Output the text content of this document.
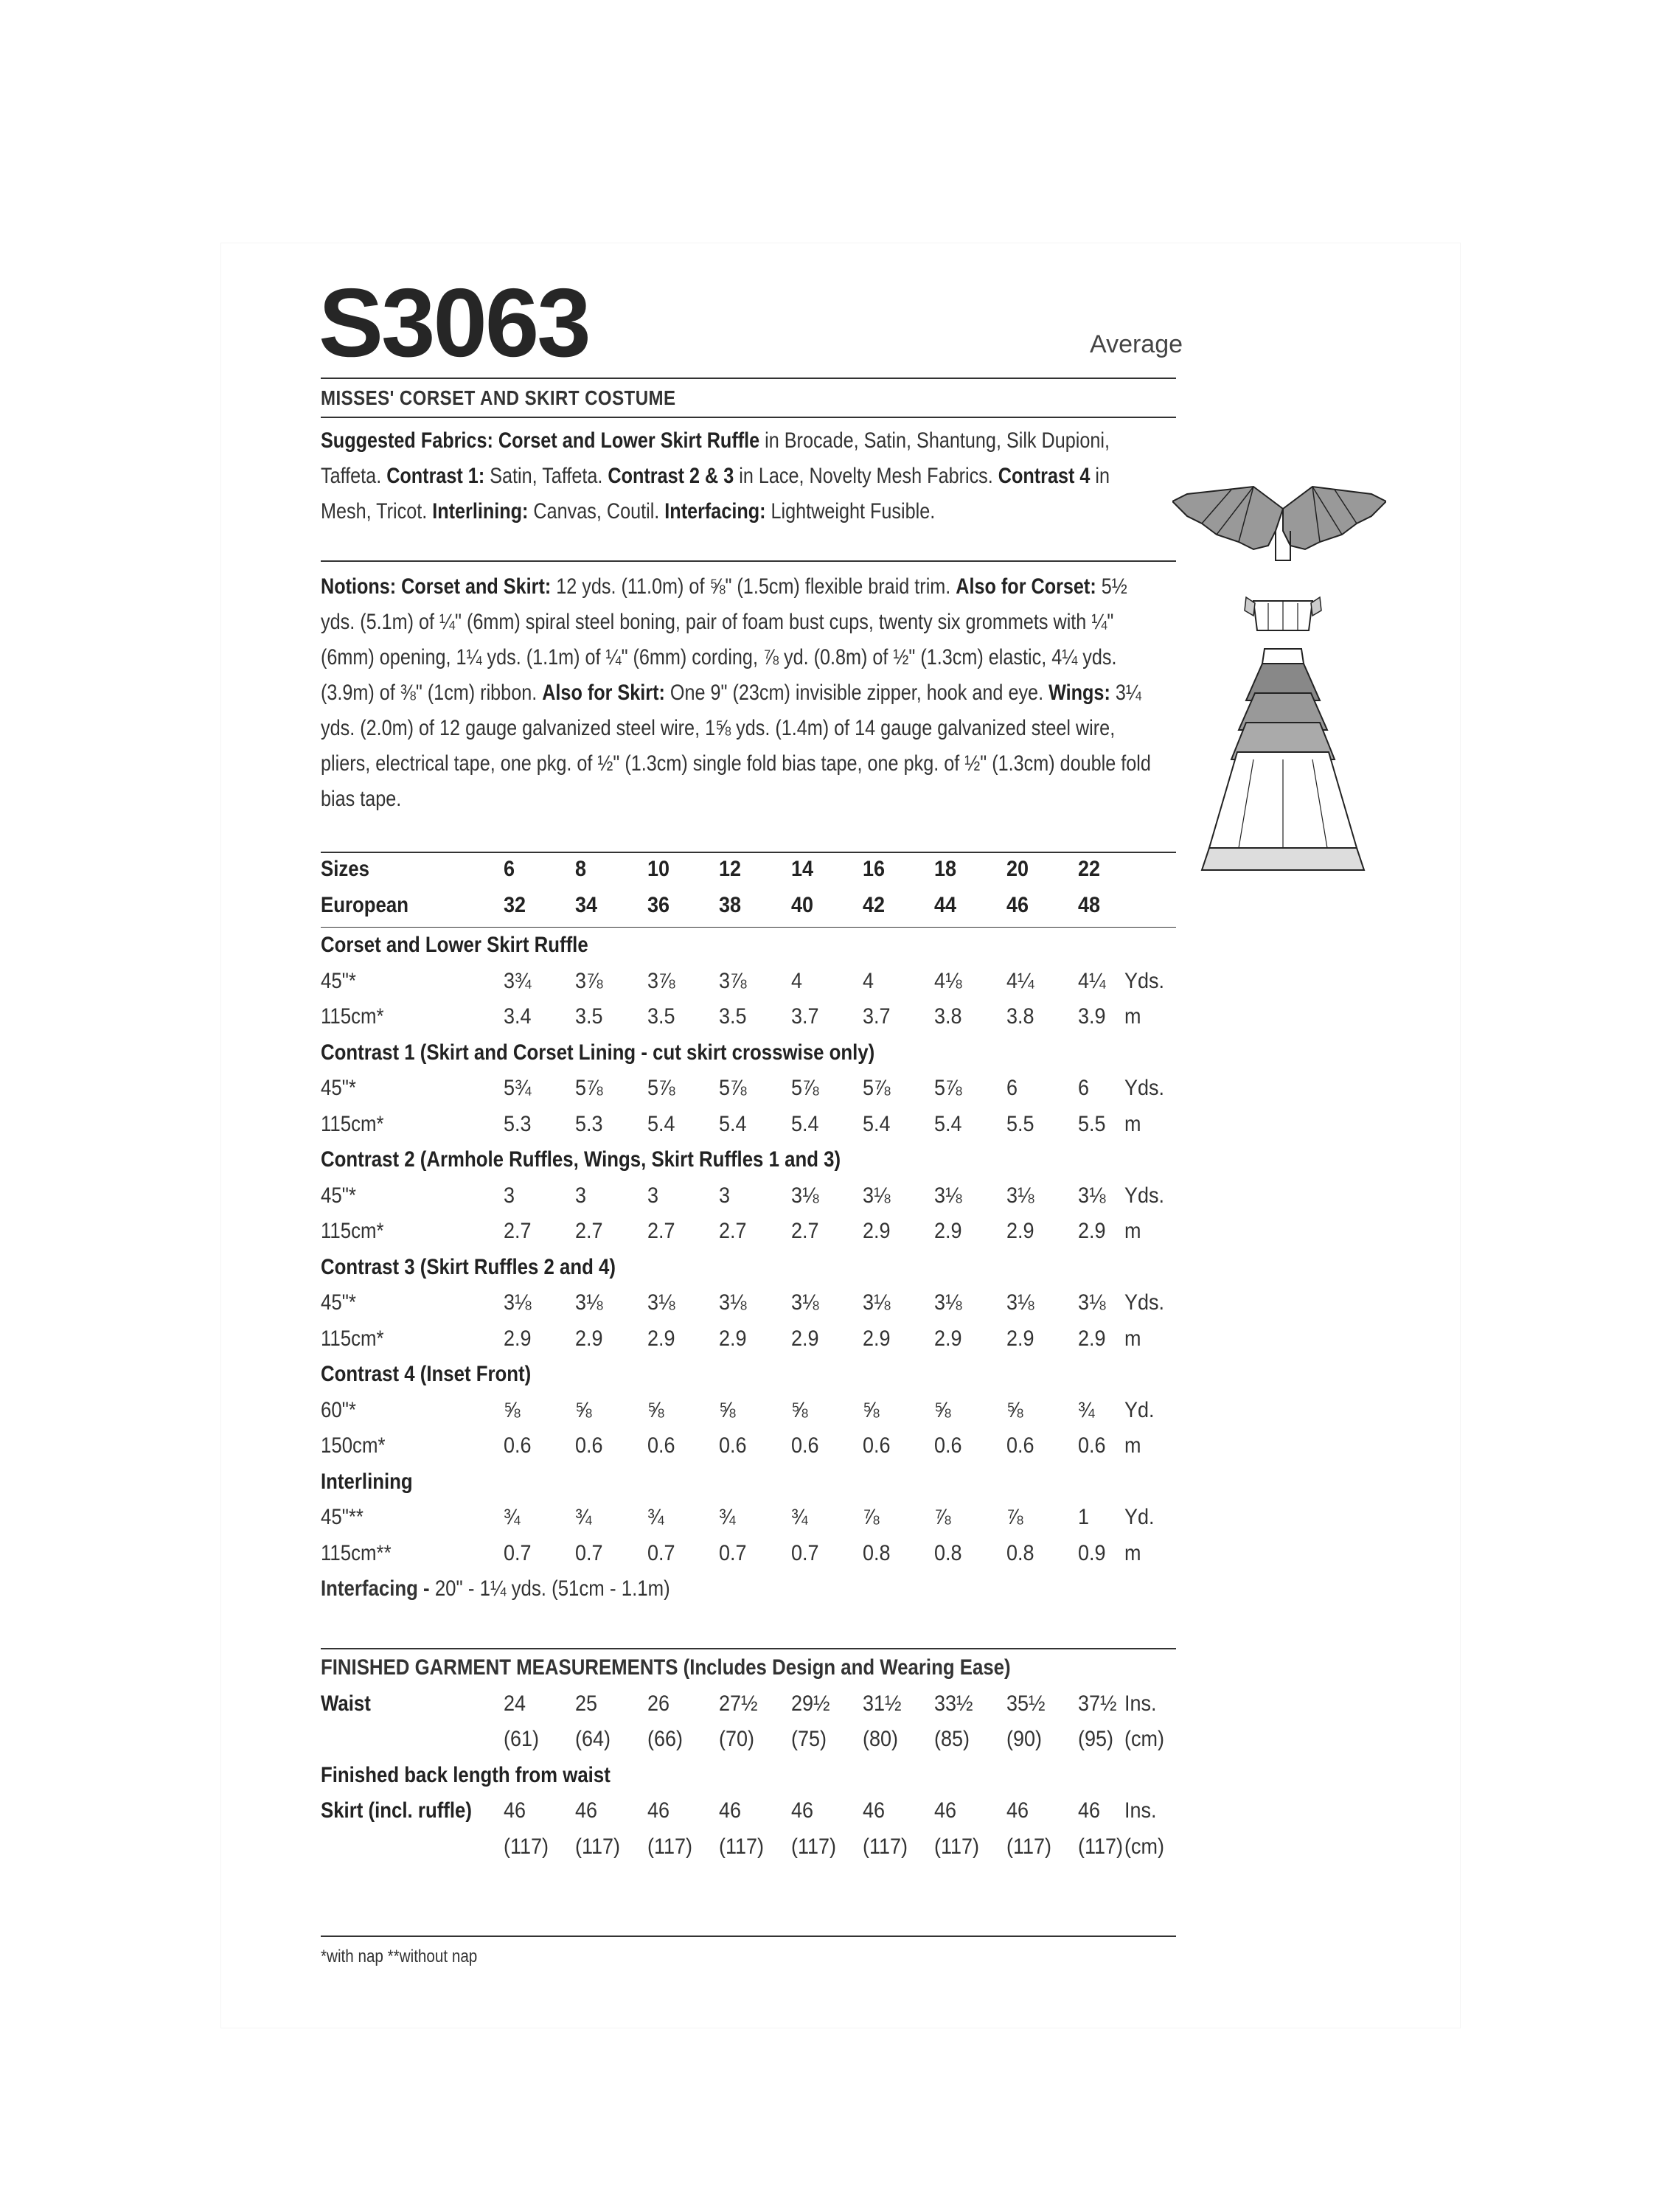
S3063	Average
MISSES' CORSET AND SKIRT COSTUME
Suggested Fabrics: Corset and Lower Skirt Ruffle in Brocade, Satin, Shantung, Silk Dupioni, Taffeta. Contrast 1: Satin, Taffeta. Contrast 2 & 3 in Lace, Novelty Mesh Fabrics. Contrast 4 in Mesh, Tricot. Interlining: Canvas, Coutil. Interfacing: Lightweight Fusible.
Notions: Corset and Skirt: 12 yds. (11.0m) of ⅝" (1.5cm) flexible braid trim. Also for Corset: 5½ yds. (5.1m) of ¼" (6mm) spiral steel boning, pair of foam bust cups, twenty six grommets with ¼" (6mm) opening, 1¼ yds. (1.1m) of ¼" (6mm) cording, ⅞ yd. (0.8m) of ½" (1.3cm) elastic, 4¼ yds. (3.9m) of ⅜" (1cm) ribbon. Also for Skirt: One 9" (23cm) invisible zipper, hook and eye. Wings: 3¼ yds. (2.0m) of 12 gauge galvanized steel wire, 1⅝ yds. (1.4m) of 14 gauge galvanized steel wire, pliers, electrical tape, one pkg. of ½" (1.3cm) single fold bias tape, one pkg. of ½" (1.3cm) double fold bias tape.
Sizes	6	8	10 12 14 16 18 20 22
European	32 34 36 38 40 42 44 46 48
Corset and Lower Skirt Ruffle
45"*	3¾ 3⅞ 3⅞ 3⅞ 4	4	4⅛ 4¼ 4¼ Yds.
115cm*	3.4 3.5 3.5 3.5 3.7 3.7 3.8 3.8 3.9 m
Contrast 1 (Skirt and Corset Lining - cut skirt crosswise only)
45"*	5¾ 5⅞ 5⅞ 5⅞ 5⅞ 5⅞ 5⅞ 6	6 Yds.
115cm*	5.3 5.3 5.4 5.4 5.4 5.4 5.4 5.5 5.5 m
Contrast 2 (Armhole Ruffles, Wings, Skirt Ruffles 1 and 3)
45"*	3	3	3	3	3⅛ 3⅛ 3⅛ 3⅛ 3⅛ Yds.
115cm*	2.7 2.7 2.7 2.7 2.7 2.9 2.9 2.9 2.9 m
Contrast 3 (Skirt Ruffles 2 and 4)
45"*	3⅛ 3⅛ 3⅛ 3⅛ 3⅛ 3⅛ 3⅛ 3⅛ 3⅛ Yds.
115cm*	2.9 2.9 2.9 2.9 2.9 2.9 2.9 2.9 2.9 m
Contrast 4 (Inset Front)
60"*	⅝ ⅝	⅝ ⅝	⅝ ⅝ ⅝	⅝ ¾ Yd.
150cm*	0.6 0.6 0.6 0.6 0.6 0.6 0.6 0.6 0.6 m
Interlining
45"**	¾ ¾	¾ ¾	¾ ⅞ ⅞	⅞ 1 Yd.
115cm**	0.7 0.7 0.7 0.7 0.7 0.8 0.8 0.8 0.9 m
Interfacing - 20" - 1¼ yds. (51cm - 1.1m)
FINISHED GARMENT MEASUREMENTS (Includes Design and Wearing Ease)
Waist	24 25 26 27½ 29½ 31½ 33½ 35½ 37½ Ins.
(61) (64) (66) (70) (75) (80) (85) (90) (95) (cm)
Finished back length from waist
Skirt (incl. ruffle) 46 46 46 46 46 46 46 46 46 Ins.
(117) (117) (117) (117) (117) (117) (117) (117) (117) (cm)
*with nap **without nap
